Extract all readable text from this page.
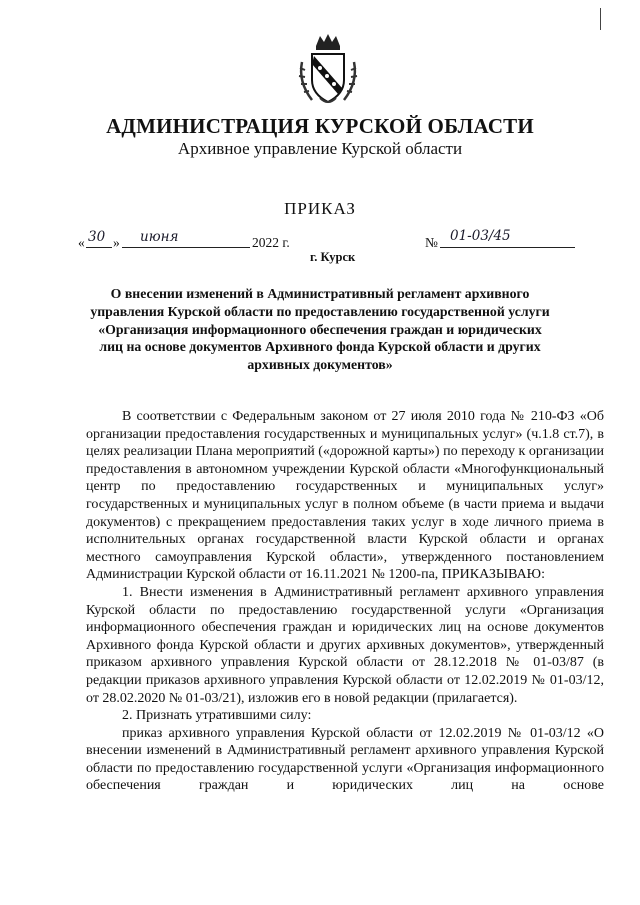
АДМИНИСТРАЦИЯ КУРСКОЙ ОБЛАСТИ
Архивное управление Курской области
ПРИКАЗ
« 30 » июня	2022 г.	№ 01-03/45
г. Курск
О внесении изменений в Административный регламент архивного управления Курской области по предоставлению государственной услуги «Организация информационного обеспечения граждан и юридических лиц на основе документов Архивного фонда Курской области и других архивных документов»

В соответствии с Федеральным законом от 27 июля 2010 года № 210-ФЗ «Об организации предоставления государственных и муниципальных услуг» (ч.1.8 ст.7), в целях реализации Плана мероприятий («дорожной карты») по переходу к организации предоставления в автономном учреждении Курской области «Многофункциональный центр по предоставлению государственных и муниципальных услуг» государственных и муниципальных услуг в полном объеме (в части приема и выдачи документов) с прекращением предоставления таких услуг в ходе личного приема в исполнительных органах государственной власти Курской области и органах местного самоуправления Курской области», утвержденного постановлением Администрации Курской области от 16.11.2021 № 1200-па, ПРИКАЗЫВАЮ:

1. Внести изменения в Административный регламент архивного управления Курской области по предоставлению государственной услуги «Организация информационного обеспечения граждан и юридических лиц на основе документов Архивного фонда Курской области и других архивных документов», утвержденный приказом архивного управления Курской области от 28.12.2018 № 01-03/87 (в редакции приказов архивного управления Курской области от 12.02.2019 № 01-03/12, от 28.02.2020 № 01-03/21), изложив его в новой редакции (прилагается).

2. Признать утратившими силу:

приказ архивного управления Курской области от 12.02.2019 № 01-03/12 «О внесении изменений в Административный регламент архивного управления Курской области по предоставлению государственной услуги «Организация информационного обеспечения граждан и юридических лиц на основе
